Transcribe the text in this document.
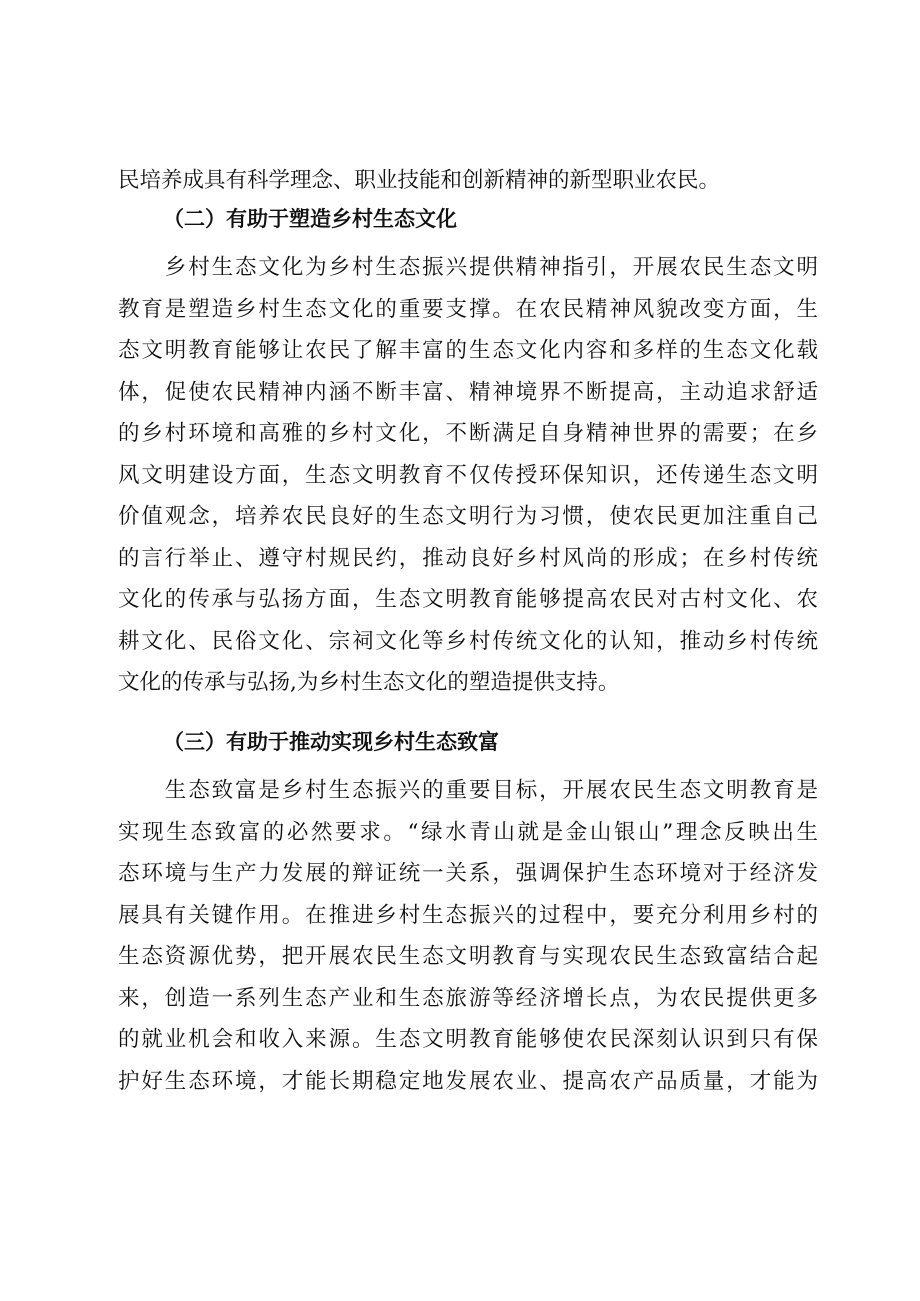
民培养成具有科学理念、职业技能和创新精神的新型职业农民。
（二）有助于塑造乡村生态文化
　　乡村生态文化为乡村生态振兴提供精神指引，开展农民生态文明
教育是塑造乡村生态文化的重要支撑。在农民精神风貌改变方面，生
态文明教育能够让农民了解丰富的生态文化内容和多样的生态文化载
体，促使农民精神内涵不断丰富、精神境界不断提高，主动追求舒适
的乡村环境和高雅的乡村文化，不断满足自身精神世界的需要；在乡
风文明建设方面，生态文明教育不仅传授环保知识，还传递生态文明
价值观念，培养农民良好的生态文明行为习惯，使农民更加注重自己
的言行举止、遵守村规民约，推动良好乡村风尚的形成；在乡村传统
文化的传承与弘扬方面，生态文明教育能够提高农民对古村文化、农
耕文化、民俗文化、宗祠文化等乡村传统文化的认知，推动乡村传统
文化的传承与弘扬,为乡村生态文化的塑造提供支持。
（三）有助于推动实现乡村生态致富
　　生态致富是乡村生态振兴的重要目标，开展农民生态文明教育是
实现生态致富的必然要求。“绿水青山就是金山银山”理念反映出生
态环境与生产力发展的辩证统一关系，强调保护生态环境对于经济发
展具有关键作用。在推进乡村生态振兴的过程中，要充分利用乡村的
生态资源优势，把开展农民生态文明教育与实现农民生态致富结合起
来，创造一系列生态产业和生态旅游等经济增长点，为农民提供更多
的就业机会和收入来源。生态文明教育能够使农民深刻认识到只有保
护好生态环境，才能长期稳定地发展农业、提高农产品质量，才能为
